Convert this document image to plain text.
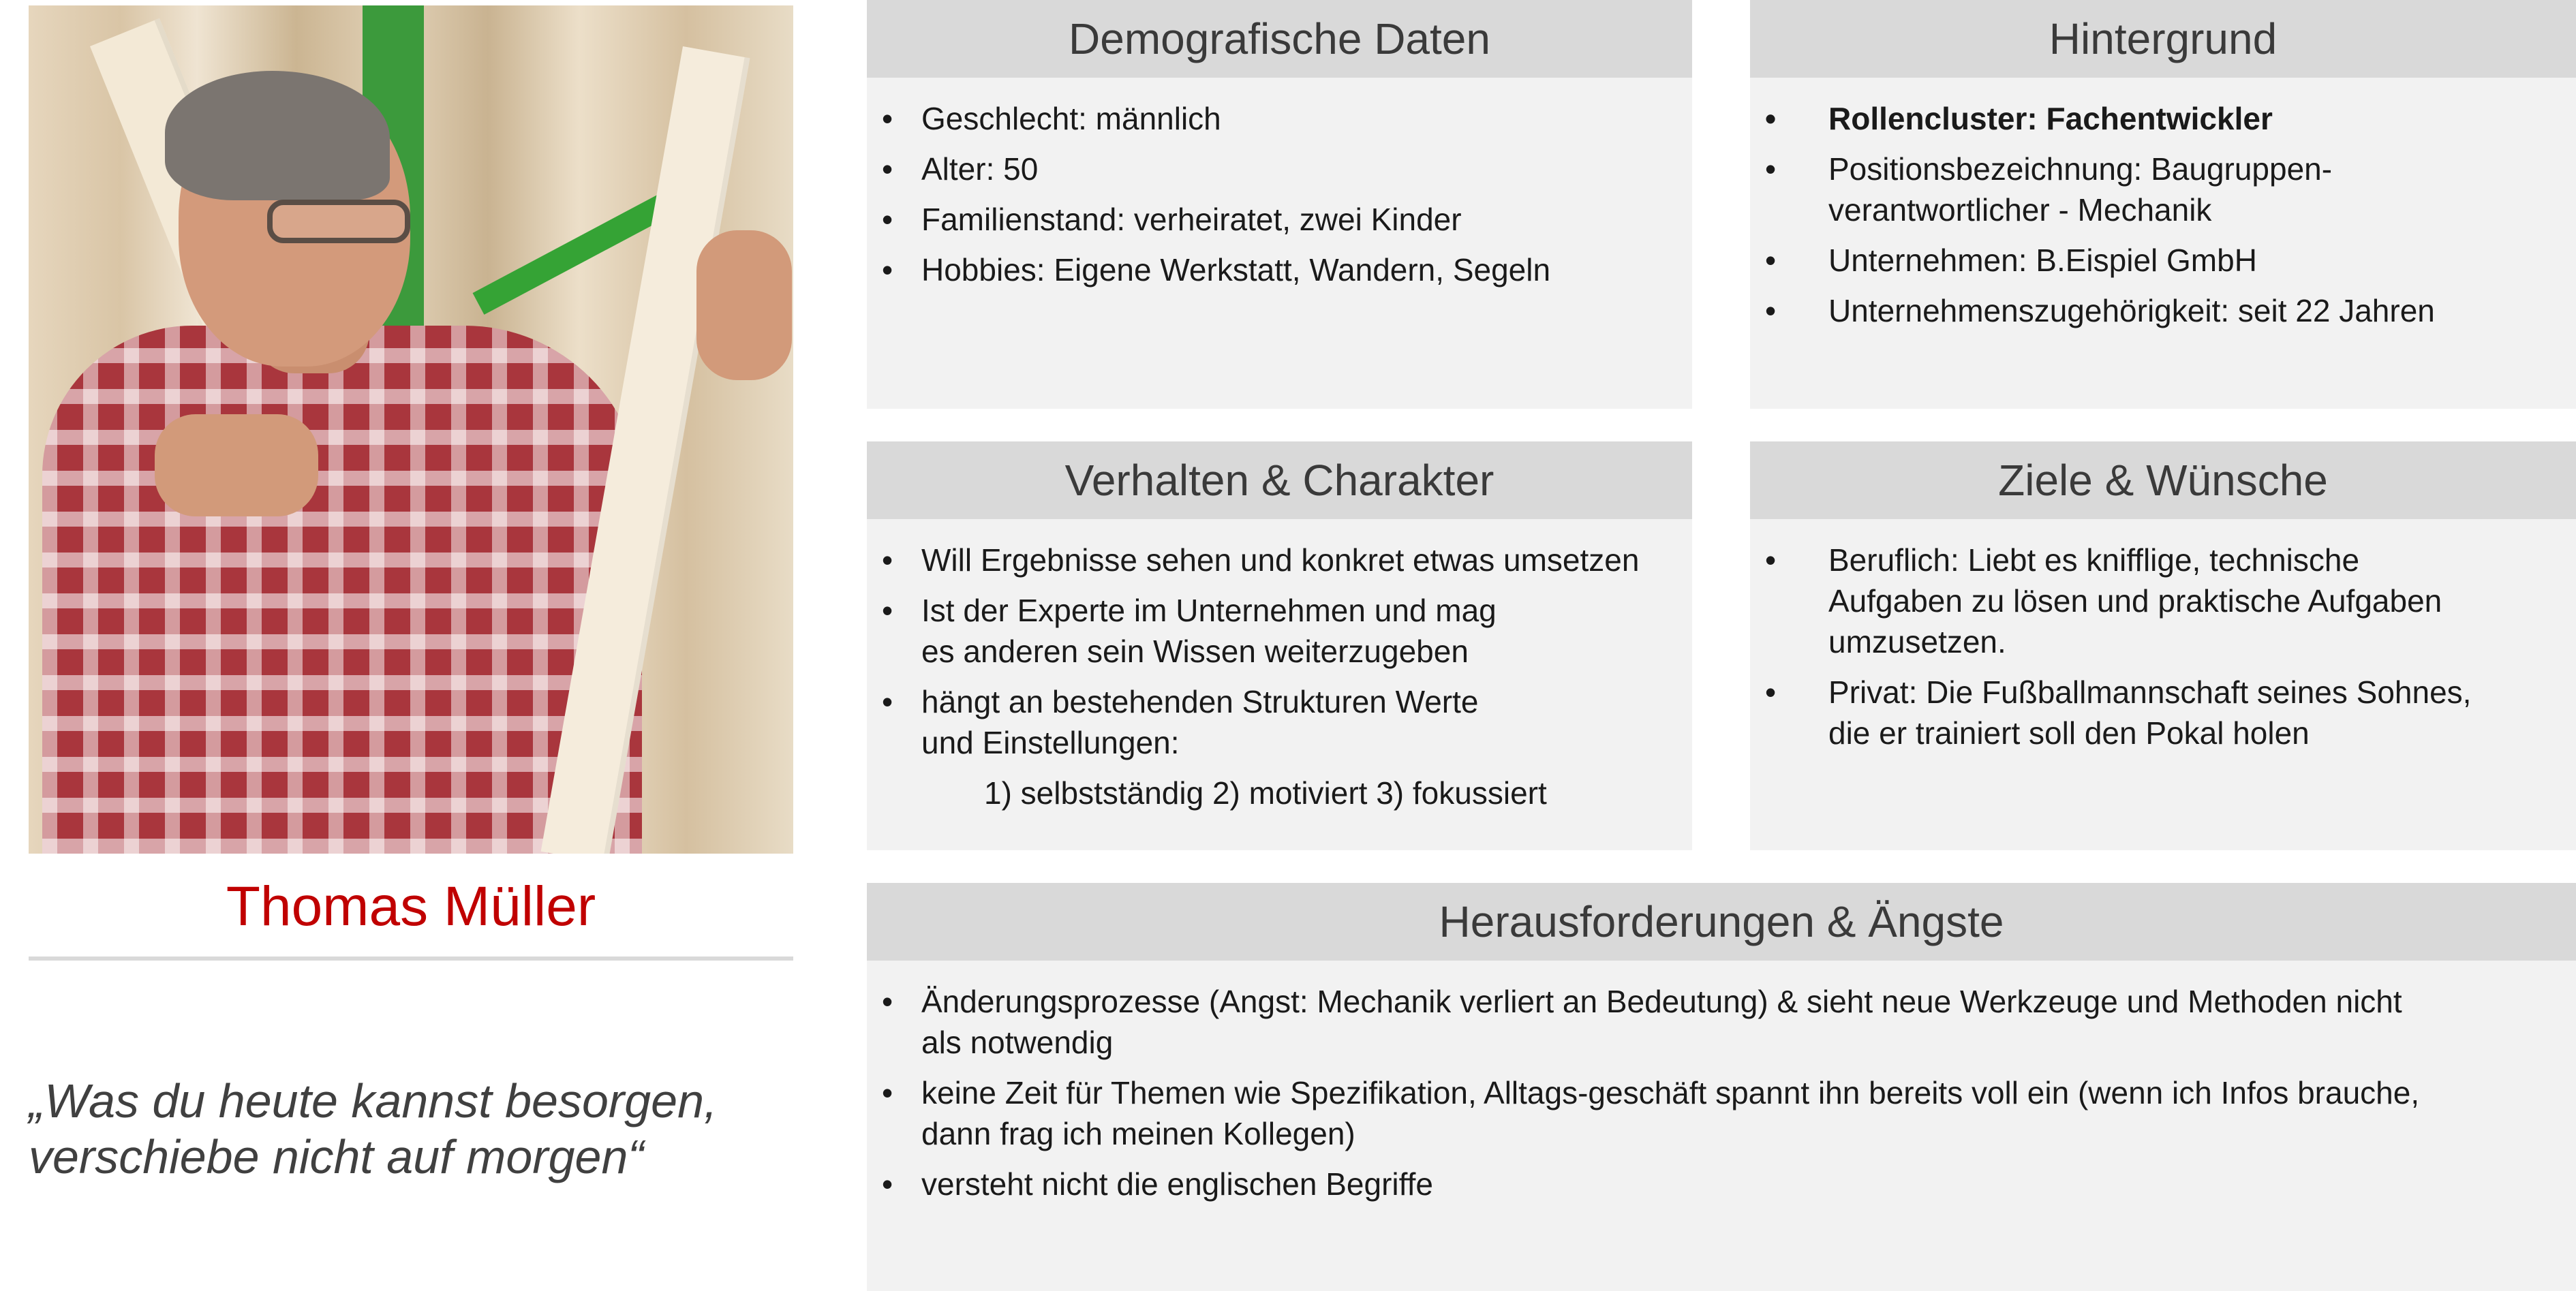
Thomas Müller
„Was du heute kannst besorgen,
verschiebe nicht auf morgen“
Demografische Daten
• Geschlecht: männlich
• Alter: 50
• Familienstand: verheiratet, zwei Kinder
• Hobbies: Eigene Werkstatt, Wandern, Segeln
Hintergrund
• Rollencluster: Fachentwickler
• Positionsbezeichnung: Baugruppen-
verantwortlicher - Mechanik
• Unternehmen: B.Eispiel GmbH
• Unternehmenszugehörigkeit: seit 22 Jahren
Verhalten & Charakter
• Will Ergebnisse sehen und konkret etwas umsetzen
• Ist der Experte im Unternehmen und mag
es anderen sein Wissen weiterzugeben
• hängt an bestehenden Strukturen Werte
und Einstellungen:
1) selbstständig 2) motiviert 3) fokussiert
Ziele & Wünsche
• Beruflich: Liebt es knifflige, technische
Aufgaben zu lösen und praktische Aufgaben
umzusetzen.
• Privat: Die Fußballmannschaft seines Sohnes,
die er trainiert soll den Pokal holen
Herausforderungen & Ängste
• Änderungsprozesse (Angst: Mechanik verliert an Bedeutung) & sieht neue Werkzeuge und Methoden nicht
als notwendig
• keine Zeit für Themen wie Spezifikation, Alltags-geschäft spannt ihn bereits voll ein (wenn ich Infos brauche,
dann frag ich meinen Kollegen)
• versteht nicht die englischen Begriffe
